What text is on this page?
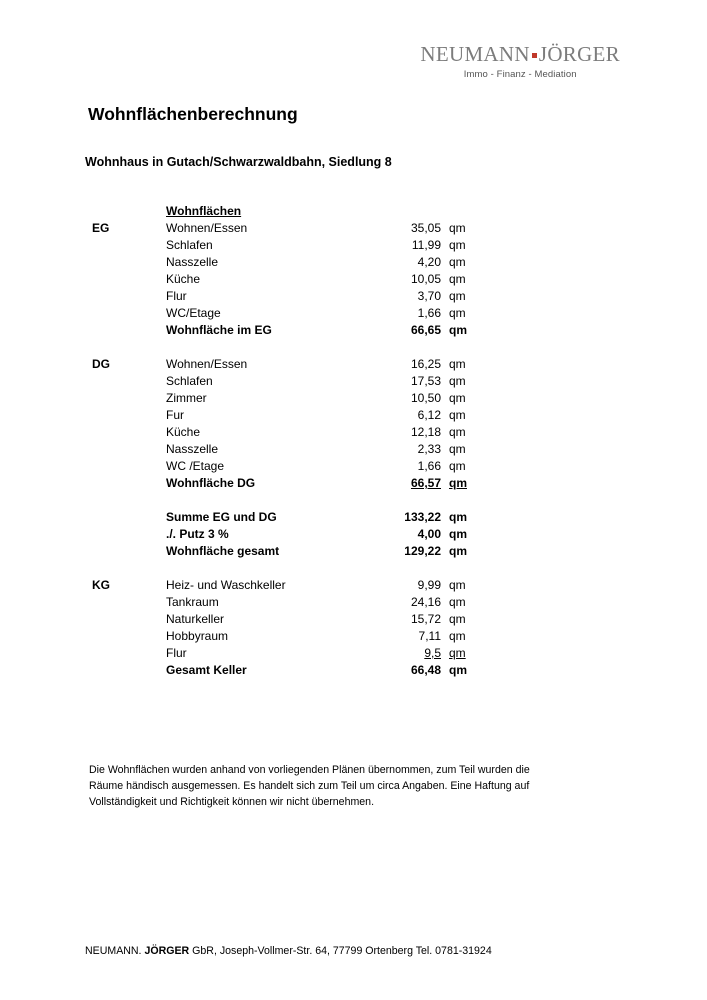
NEUMANN JÖRGER
Immo - Finanz - Mediation
Wohnflächenberechnung
Wohnhaus in Gutach/Schwarzwaldbahn, Siedlung 8
Wohnflächen
EG	Wohnen/Essen	35,05 qm
Schlafen	11,99 qm
Nasszelle	4,20 qm
Küche	10,05 qm
Flur	3,70 qm
WC/Etage	1,66 qm
Wohnfläche im EG	66,65 qm
DG	Wohnen/Essen	16,25 qm
Schlafen	17,53 qm
Zimmer	10,50 qm
Fur	6,12 qm
Küche	12,18 qm
Nasszelle	2,33 qm
WC /Etage	1,66 qm
Wohnfläche DG	66,57 qm
Summe EG und DG	133,22 qm
./. Putz 3 %	4,00 qm
Wohnfläche gesamt	129,22 qm
KG	Heiz- und Waschkeller	9,99 qm
Tankraum	24,16 qm
Naturkeller	15,72 qm
Hobbyraum	7,11 qm
Flur	9,5 qm
Gesamt Keller	66,48 qm
Die Wohnflächen wurden anhand von vorliegenden Plänen übernommen, zum Teil wurden die Räume händisch ausgemessen. Es handelt sich zum Teil um circa Angaben. Eine Haftung auf Vollständigkeit und Richtigkeit können wir nicht übernehmen.
NEUMANN. JÖRGER GbR, Joseph-Vollmer-Str. 64, 77799 Ortenberg Tel. 0781-31924
